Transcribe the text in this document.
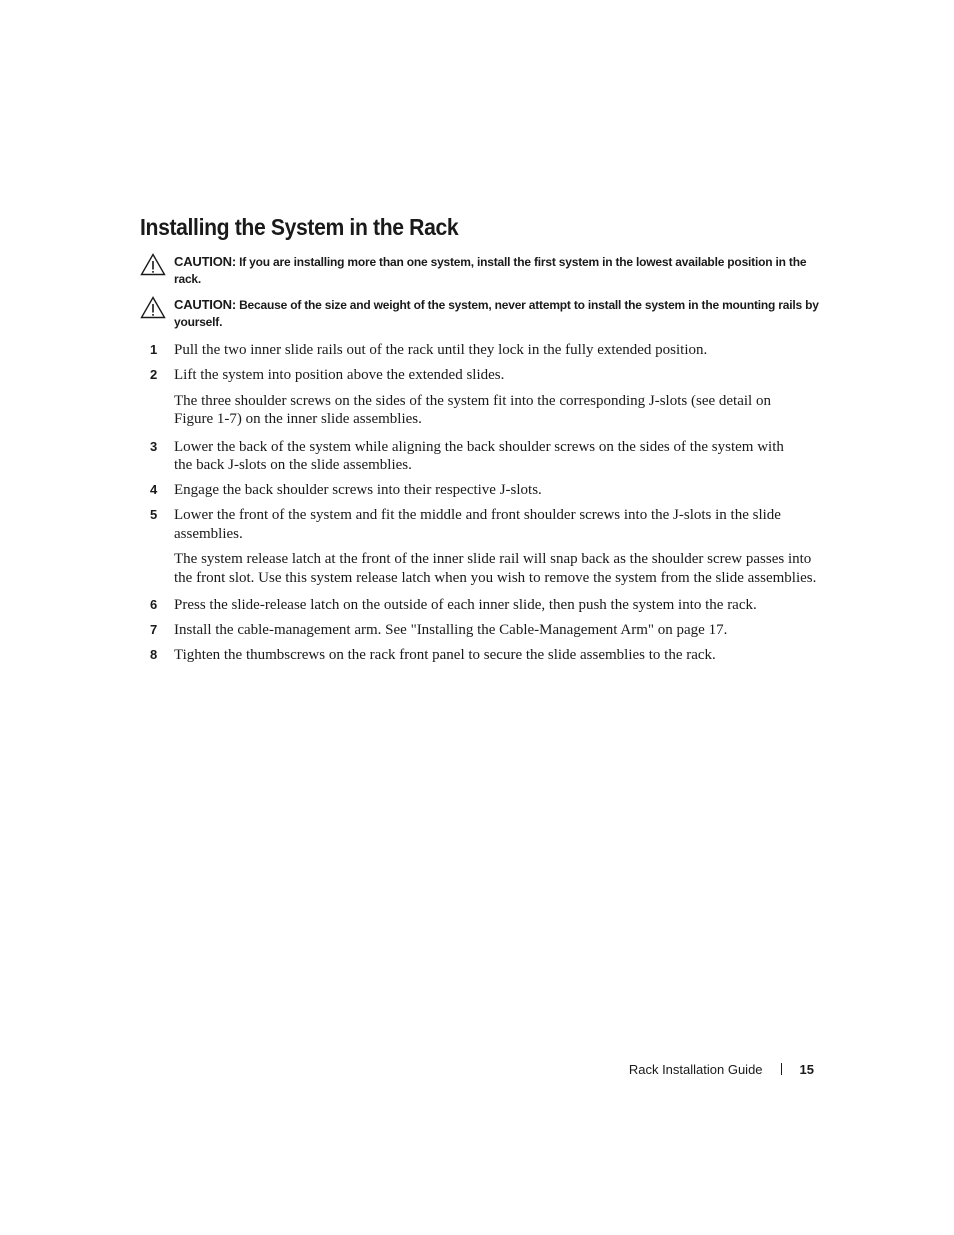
Installing the System in the Rack
CAUTION: If you are installing more than one system, install the first system in the lowest available position in the rack.
CAUTION: Because of the size and weight of the system, never attempt to install the system in the mounting rails by yourself.
1 Pull the two inner slide rails out of the rack until they lock in the fully extended position.
2 Lift the system into position above the extended slides.
The three shoulder screws on the sides of the system fit into the corresponding J-slots (see detail on Figure 1-7) on the inner slide assemblies.
3 Lower the back of the system while aligning the back shoulder screws on the sides of the system with the back J-slots on the slide assemblies.
4 Engage the back shoulder screws into their respective J-slots.
5 Lower the front of the system and fit the middle and front shoulder screws into the J-slots in the slide assemblies.
The system release latch at the front of the inner slide rail will snap back as the shoulder screw passes into the front slot. Use this system release latch when you wish to remove the system from the slide assemblies.
6 Press the slide-release latch on the outside of each inner slide, then push the system into the rack.
7 Install the cable-management arm. See "Installing the Cable-Management Arm" on page 17.
8 Tighten the thumbscrews on the rack front panel to secure the slide assemblies to the rack.
Rack Installation Guide	15
